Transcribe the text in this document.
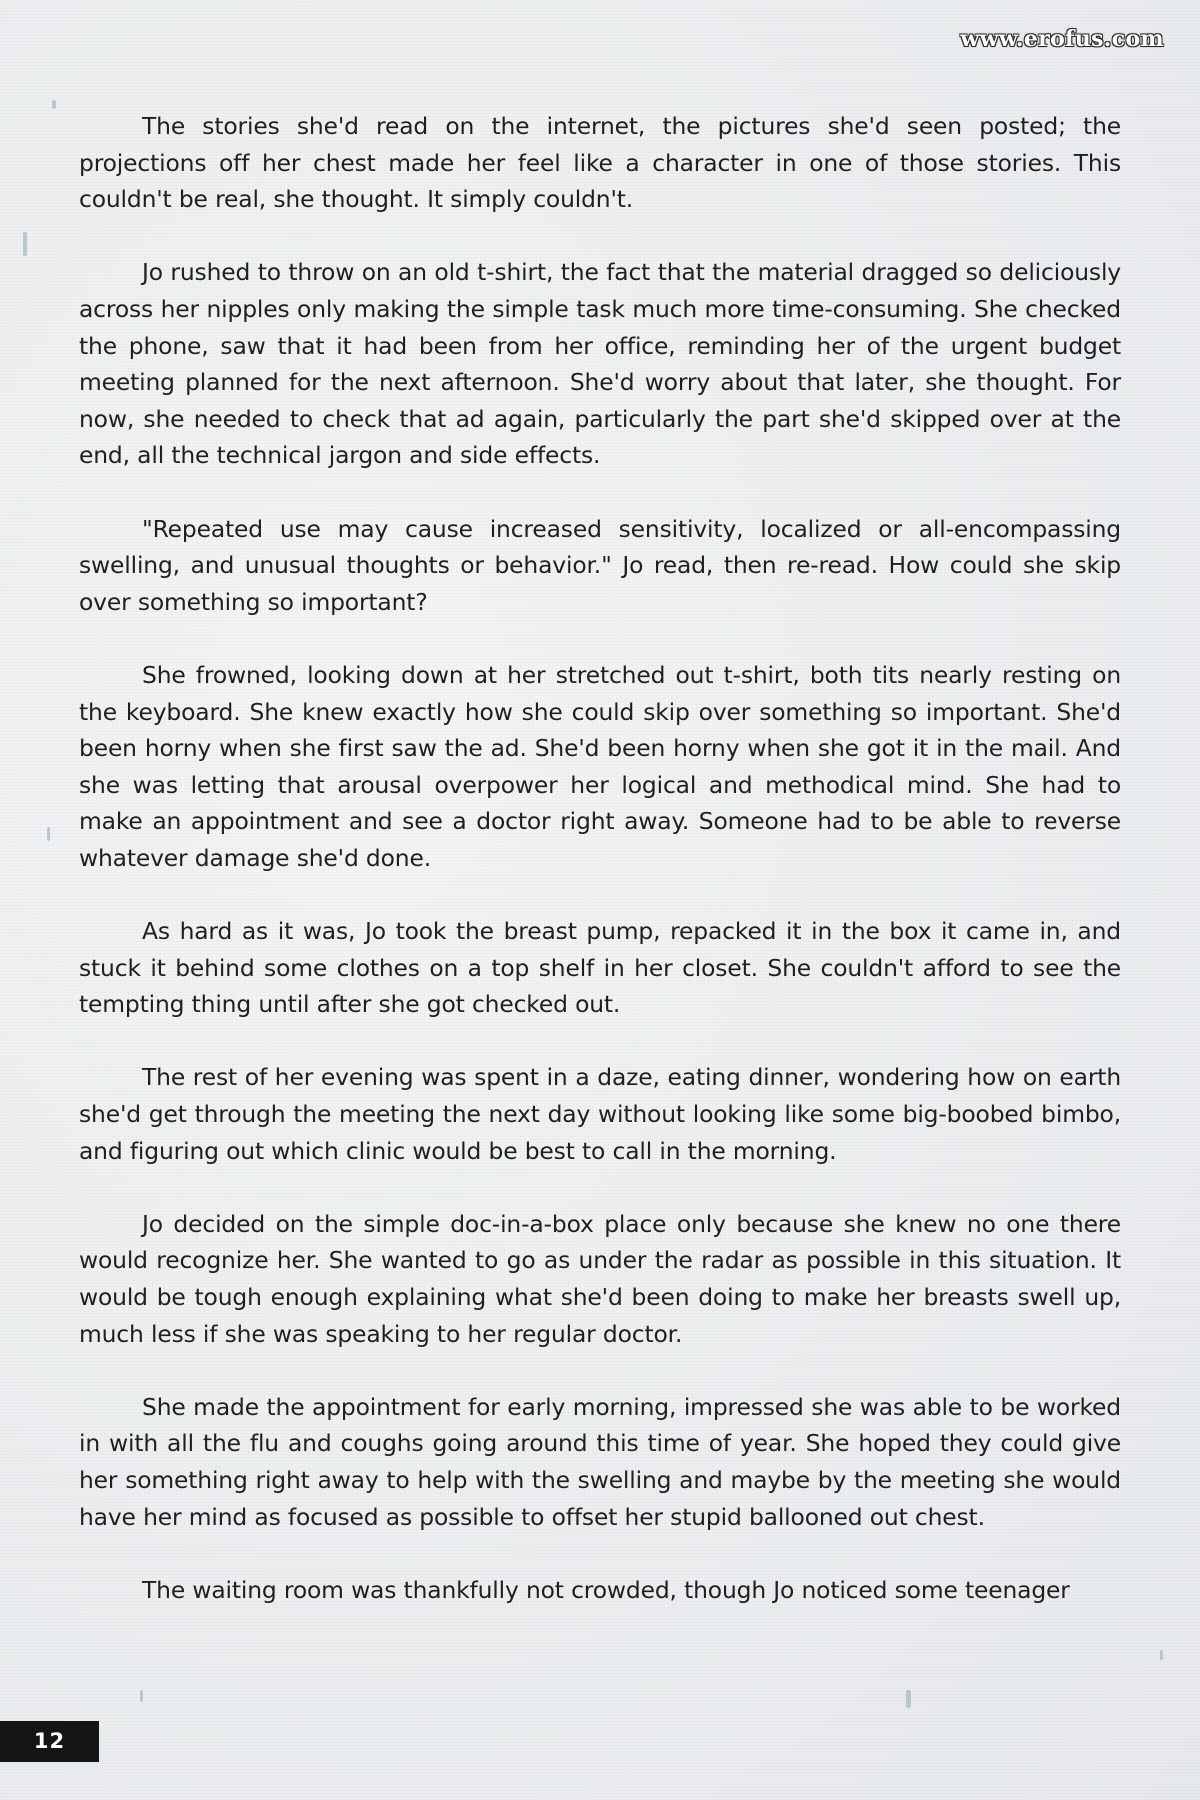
www.erofus.com

The stories she'd read on the internet, the pictures she'd seen posted; the projections off her chest made her feel like a character in one of those stories. This couldn't be real, she thought. It simply couldn't.

Jo rushed to throw on an old t-shirt, the fact that the material dragged so deliciously across her nipples only making the simple task much more time-consuming. She checked the phone, saw that it had been from her office, reminding her of the urgent budget meeting planned for the next afternoon. She'd worry about that later, she thought. For now, she needed to check that ad again, particularly the part she'd skipped over at the end, all the technical jargon and side effects.

"Repeated use may cause increased sensitivity, localized or all-encompassing swelling, and unusual thoughts or behavior." Jo read, then re-read. How could she skip over something so important?

She frowned, looking down at her stretched out t-shirt, both tits nearly resting on the keyboard. She knew exactly how she could skip over something so important. She'd been horny when she first saw the ad. She'd been horny when she got it in the mail. And she was letting that arousal overpower her logical and methodical mind. She had to make an appointment and see a doctor right away. Someone had to be able to reverse whatever damage she'd done.

As hard as it was, Jo took the breast pump, repacked it in the box it came in, and stuck it behind some clothes on a top shelf in her closet. She couldn't afford to see the tempting thing until after she got checked out.

The rest of her evening was spent in a daze, eating dinner, wondering how on earth she'd get through the meeting the next day without looking like some big-boobed bimbo, and figuring out which clinic would be best to call in the morning.

Jo decided on the simple doc-in-a-box place only because she knew no one there would recognize her. She wanted to go as under the radar as possible in this situation. It would be tough enough explaining what she'd been doing to make her breasts swell up, much less if she was speaking to her regular doctor.

She made the appointment for early morning, impressed she was able to be worked in with all the flu and coughs going around this time of year. She hoped they could give her something right away to help with the swelling and maybe by the meeting she would have her mind as focused as possible to offset her stupid ballooned out chest.

The waiting room was thankfully not crowded, though Jo noticed some teenager

12
